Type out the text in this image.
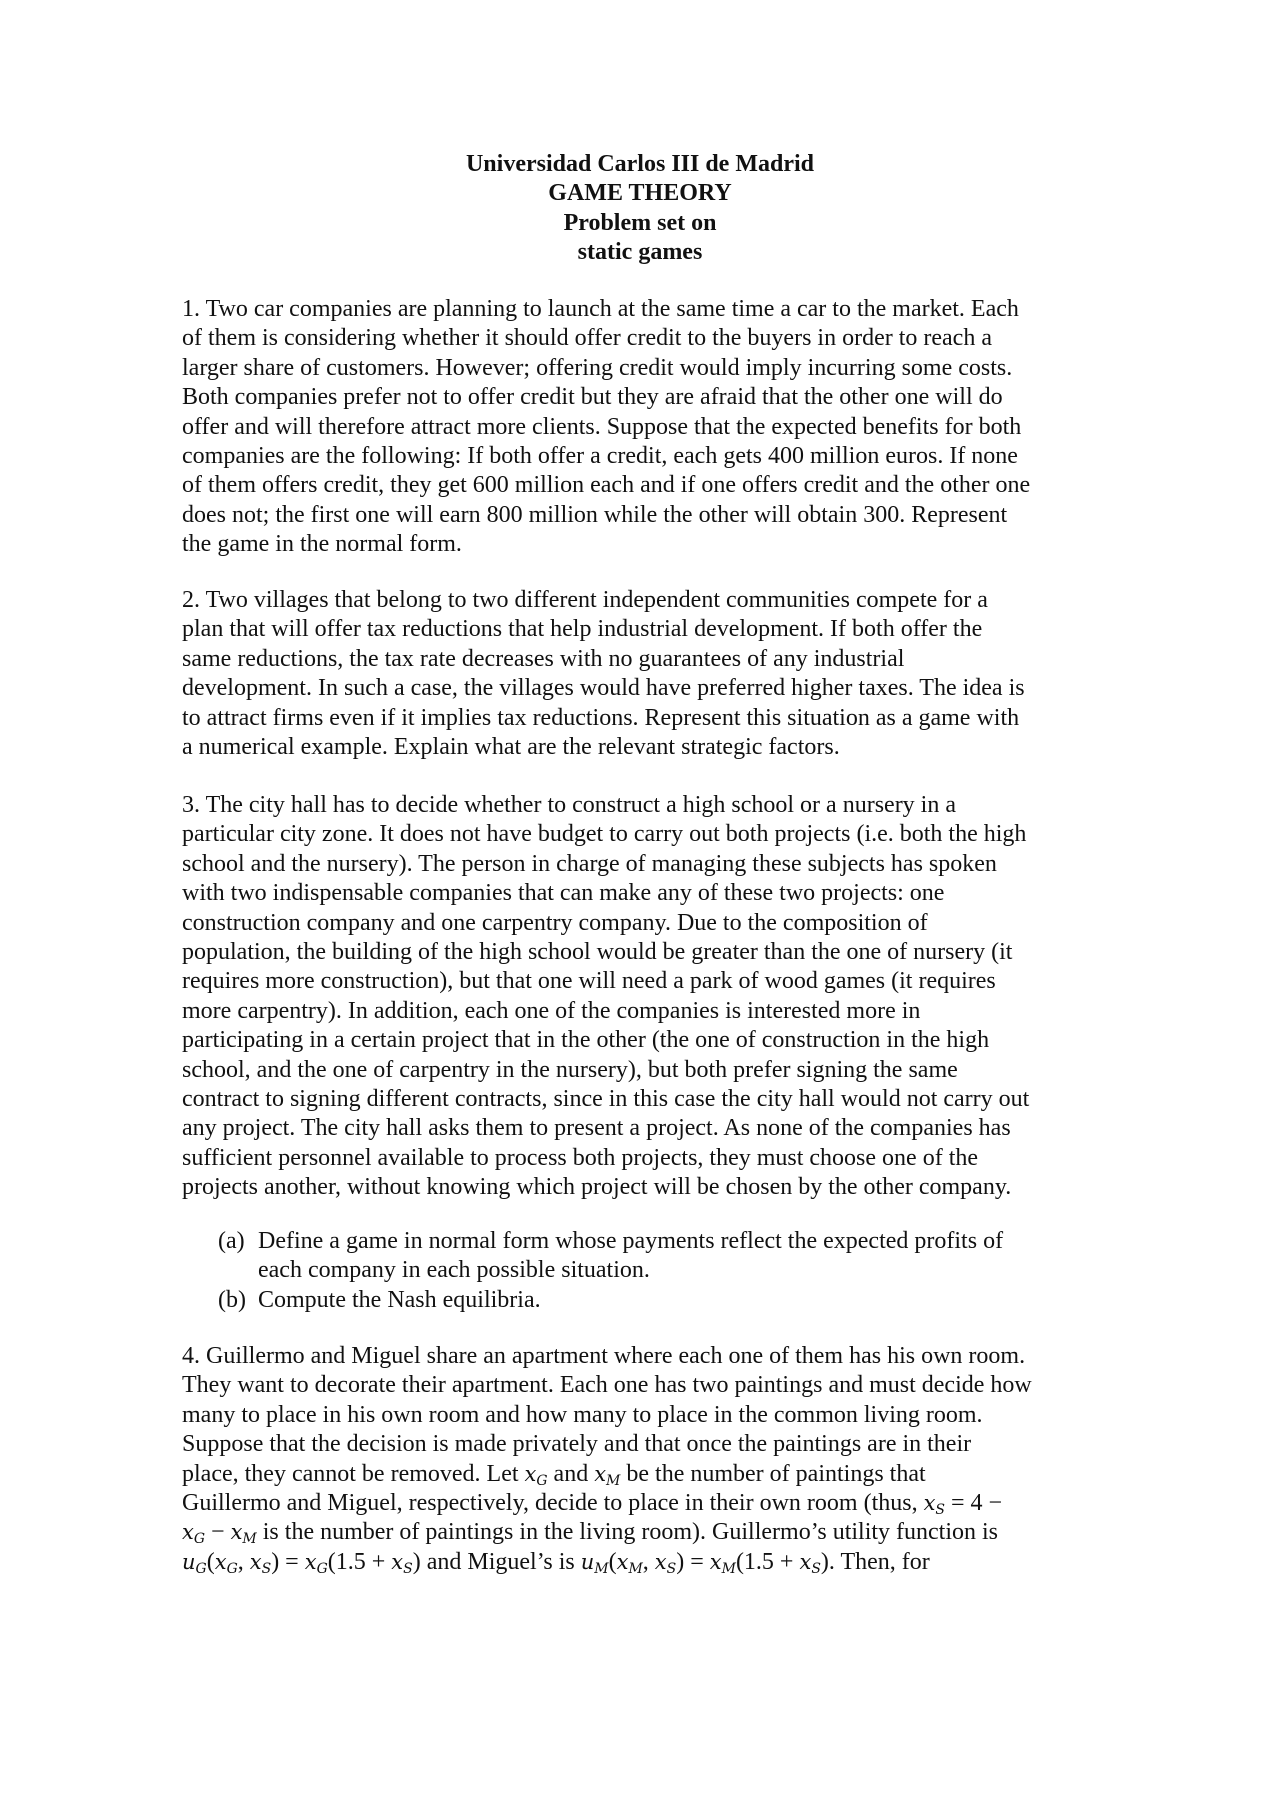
Universidad Carlos III de Madrid
GAME THEORY
Problem set on
static games
1. Two car companies are planning to launch at the same time a car to the market. Each
of them is considering whether it should offer credit to the buyers in order to reach a
larger share of customers. However; offering credit would imply incurring some costs.
Both companies prefer not to offer credit but they are afraid that the other one will do
offer and will therefore attract more clients. Suppose that the expected benefits for both
companies are the following: If both offer a credit, each gets 400 million euros. If none
of them offers credit, they get 600 million each and if one offers credit and the other one
does not; the first one will earn 800 million while the other will obtain 300. Represent
the game in the normal form.
2. Two villages that belong to two different independent communities compete for a
plan that will offer tax reductions that help industrial development. If both offer the
same reductions, the tax rate decreases with no guarantees of any industrial
development. In such a case, the villages would have preferred higher taxes. The idea is
to attract firms even if it implies tax reductions. Represent this situation as a game with
a numerical example. Explain what are the relevant strategic factors.
3. The city hall has to decide whether to construct a high school or a nursery in a
particular city zone. It does not have budget to carry out both projects (i.e. both the high
school and the nursery). The person in charge of managing these subjects has spoken
with two indispensable companies that can make any of these two projects: one
construction company and one carpentry company. Due to the composition of
population, the building of the high school would be greater than the one of nursery (it
requires more construction), but that one will need a park of wood games (it requires
more carpentry). In addition, each one of the companies is interested more in
participating in a certain project that in the other (the one of construction in the high
school, and the one of carpentry in the nursery), but both prefer signing the same
contract to signing different contracts, since in this case the city hall would not carry out
any project. The city hall asks them to present a project. As none of the companies has
sufficient personnel available to process both projects, they must choose one of the
projects another, without knowing which project will be chosen by the other company.
(a) Define a game in normal form whose payments reflect the expected profits of
each company in each possible situation.
(b) Compute the Nash equilibria.
4. Guillermo and Miguel share an apartment where each one of them has his own room.
They want to decorate their apartment. Each one has two paintings and must decide how
many to place in his own room and how many to place in the common living room.
Suppose that the decision is made privately and that once the paintings are in their
place, they cannot be removed. Let $x_G$ and $x_M$ be the number of paintings that
Guillermo and Miguel, respectively, decide to place in their own room (thus, $x_S = 4$ −
$x_G - x_M$ is the number of paintings in the living room). Guillermo’s utility function is
$u_G(x_G$, $x_S) = x_G(1.5 + x_S)$ and Miguel’s is $u_M(x_M$, $x_S) = x_M(1.5 + x_S)$. Then, for
